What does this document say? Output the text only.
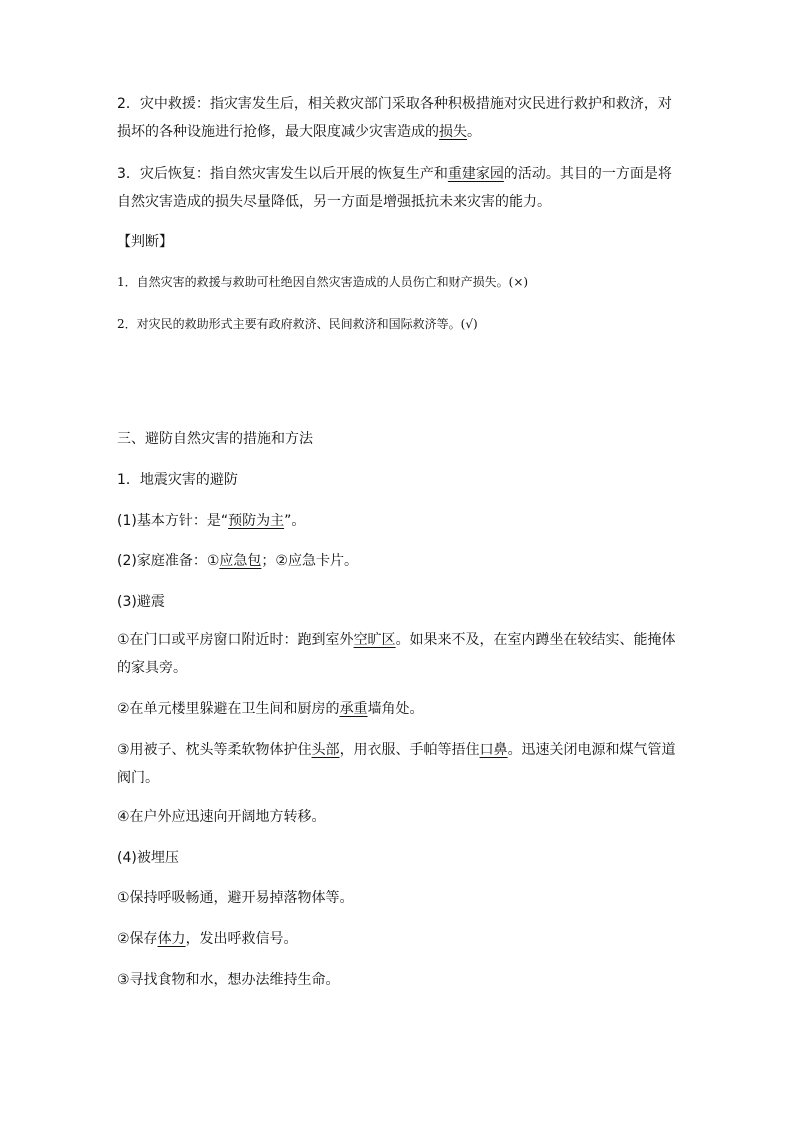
2．灾中救援：指灾害发生后，相关救灾部门采取各种积极措施对灾民进行救护和救济，对损坏的各种设施进行抢修，最大限度减少灾害造成的损失。

3．灾后恢复：指自然灾害发生以后开展的恢复生产和重建家园的活动。其目的一方面是将自然灾害造成的损失尽量降低，另一方面是增强抵抗未来灾害的能力。

【判断】

1．自然灾害的救援与救助可杜绝因自然灾害造成的人员伤亡和财产损失。(×)

2．对灾民的救助形式主要有政府救济、民间救济和国际救济等。(√)

三、避防自然灾害的措施和方法

1．地震灾害的避防

(1)基本方针：是“预防为主”。

(2)家庭准备：①应急包；②应急卡片。

(3)避震

①在门口或平房窗口附近时：跑到室外空旷区。如果来不及，在室内蹲坐在较结实、能掩体的家具旁。

②在单元楼里躲避在卫生间和厨房的承重墙角处。

③用被子、枕头等柔软物体护住头部，用衣服、手帕等捂住口鼻。迅速关闭电源和煤气管道阀门。

④在户外应迅速向开阔地方转移。

(4)被埋压

①保持呼吸畅通，避开易掉落物体等。

②保存体力，发出呼救信号。

③寻找食物和水，想办法维持生命。
